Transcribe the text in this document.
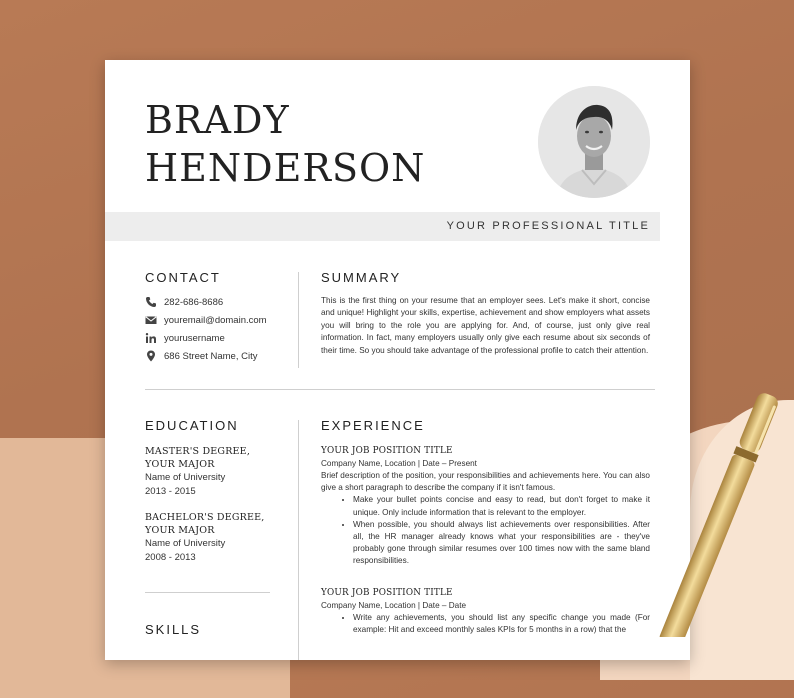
BRADY
HENDERSON
YOUR PROFESSIONAL TITLE
CONTACT
282-686-8686
youremail@domain.com
yourusername
686 Street Name, City
SUMMARY

This is the first thing on your resume that an employer sees. Let's make it short, concise and unique! Highlight your skills, expertise, achievement and show employers what assets you will bring to the role you are applying for. And, of course, just only give real information. In fact, many employers usually only give each resume about six seconds of their time. So you should take advantage of the professional profile to catch their attention.

EDUCATION
MASTER'S DEGREE,
YOUR MAJOR
Name of University
2013 - 2015
BACHELOR'S DEGREE,
YOUR MAJOR
Name of University
2008 - 2013
SKILLS
EXPERIENCE
YOUR JOB POSITION TITLE
Company Name, Location | Date – Present

Brief description of the position, your responsibilities and achievements here. You can also give a short paragraph to describe the company if it isn't famous.

• Make your bullet points concise and easy to read, but don't forget to make it unique. Only include information that is relevant to the employer.
• When possible, you should always list achievements over responsibilities. After all, the HR manager already knows what your responsibilities are - they've probably gone through similar resumes over 100 times now with the same bland responsibilities.
YOUR JOB POSITION TITLE
Company Name, Location | Date – Date
• Write any achievements, you should list any specific change you made (For example: Hit and exceed monthly sales KPIs for 5 months in a row) that the
